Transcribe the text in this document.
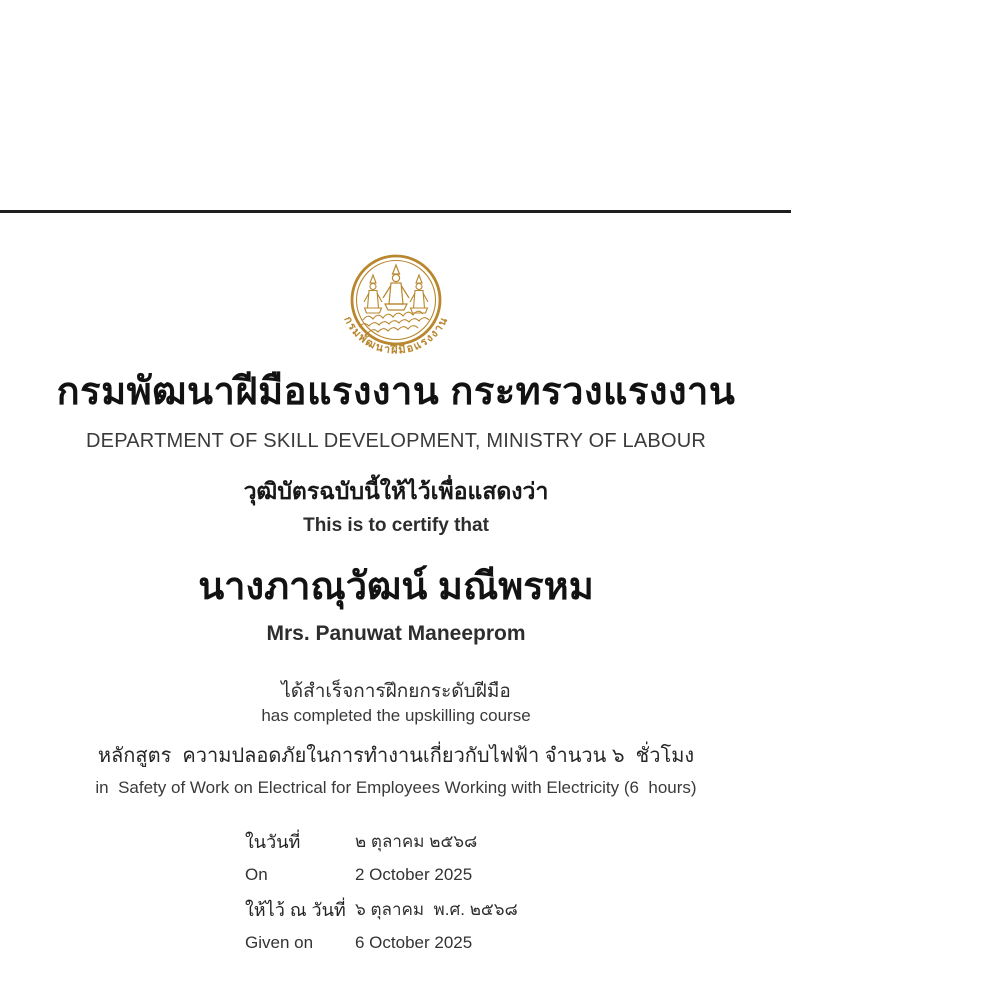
กรมพัฒนาฝีมือแรงงาน
กรมพัฒนาฝีมือแรงงาน กระทรวงแรงงาน
DEPARTMENT OF SKILL DEVELOPMENT, MINISTRY OF LABOUR
วุฒิบัตรฉบับนี้ให้ไว้เพื่อแสดงว่า
This is to certify that
นางภาณุวัฒน์ มณีพรหม
Mrs. Panuwat Maneeprom
ได้สำเร็จการฝึกยกระดับฝีมือ
has completed the upskilling course
หลักสูตร  ความปลอดภัยในการทำงานเกี่ยวกับไฟฟ้า จำนวน ๖  ชั่วโมง
in  Safety of Work on Electrical for Employees Working with Electricity (6  hours)
ในวันที่	๒ ตุลาคม ๒๕๖๘
On	2 October 2025
ให้ไว้ ณ วันที่ ๖ ตุลาคม  พ.ศ. ๒๕๖๘
Given on	6 October 2025
